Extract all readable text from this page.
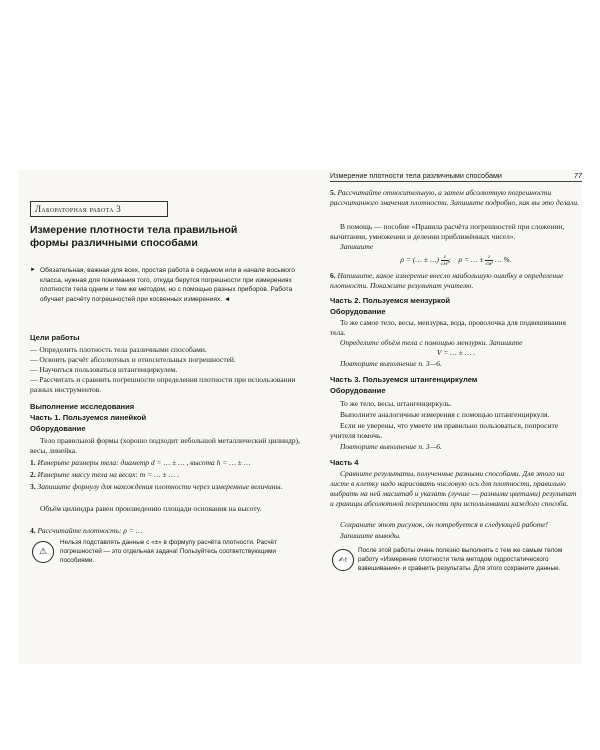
Лабораторная работа 3
Измерение плотности тела правильной формы различными способами
► Обязательная, важная для всех, простая работа в седьмом или в начале восьмого класса, нужная для понимания того, откуда берутся погрешности при измерениях плотности тела одним и тем же методом, но с помощью разных приборов. Работа обучает расчёту погрешностей при косвенных измерениях. ◄
Цели работы
— Определить плотность тела различными способами.
— Освоить расчёт абсолютных и относительных погрешностей.
— Научиться пользоваться штангенциркулем.
— Рассчитать и сравнить погрешности определения плотности при использовании разных инструментов.
Выполнение исследования
Часть 1. Пользуемся линейкой
Оборудование
Тело правильной формы (хорошо подходит небольшой металлический цилиндр), весы, линейка.
1. Измерьте размеры тела: диаметр d = … ± … , высота h = … ± …
2. Измерьте массу тела на весах: m = … ± … .
3. Запишите формулу для нахождения плотности через измеренные величины.
Объём цилиндра равен произведению площади основания на высоту.
4. Рассчитайте плотность: ρ = …
⚠
Нельзя подставлять данные с «±» в формулу расчёта плотности. Расчёт погрешностей — это отдельная задача! Пользуйтесь соответствующими пособиями.
Измерение плотности тела различными способами	77
5. Рассчитайте относительную, а затем абсолютную погрешности рассчитанного значения плотности. Запишите подробно, как вы это делали.
В помощь — пособие «Правила расчёта погрешностей при сложении, вычитании, умножении и делении приближённых чисел».
Запишите
ρ = (… ± …) $\frac{г}{\text{см³}}$ ; ρ = … ± $\frac{г}{\text{см³}}$ … %.
6. Напишите, какое измерение внесло наибольшую ошибку в определение плотности. Покажите результат учителю.
Часть 2. Пользуемся мензуркой
Оборудование
То же самое тело, весы, мензурка, вода, проволочка для подвешивания тела.
Определите объём тела с помощью мензурки. Запишите
V = … ± … .
Повторите выполнение п. 3—6.
Часть 3. Пользуемся штангенциркулем
Оборудование
То же тело, весы, штангенциркуль.
Выполните аналогичные измерения с помощью штангенциркуля.
Если не уверены, что умеете им правильно пользоваться, попросите учителя помочь.
Повторите выполнение п. 3—6.
Часть 4
Сравните результаты, полученные разными способами. Для этого на листе в клетку надо нарисовать числовую ось для плотности, правильно выбрать на ней масштаб и указать (лучше — разными цветами) результат и границы абсолютной погрешности при использовании каждого способа.
Сохраните этот рисунок, он потребуется в следующей работе!
Запишите выводы.
✍!
После этой работы очень полезно выполнить с тем же самым телом работу «Измерение плотности тела методом гидростатического взвешивания» и сравнить результаты. Для этого сохраните данные.
